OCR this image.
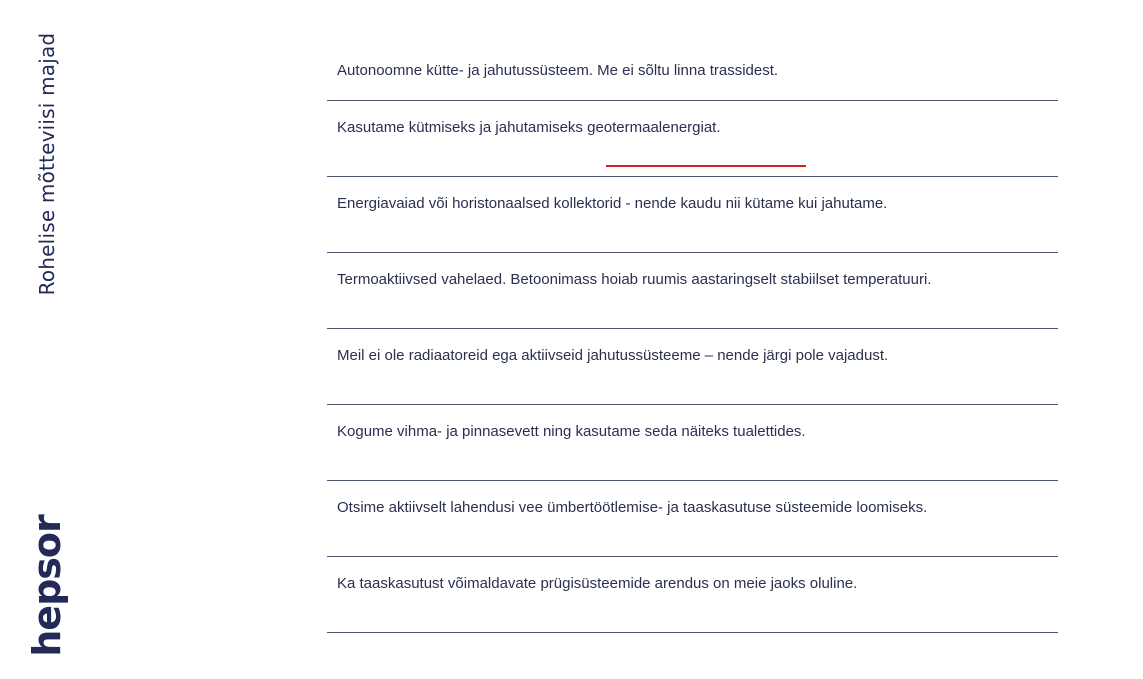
Rohelise mõtteviisi majad
hepsor
Autonoomne kütte- ja jahutussüsteem. Me ei sõltu linna trassidest.
Kasutame kütmiseks ja jahutamiseks geotermaalenergiat.
Energiavaiad või horistonaalsed kollektorid - nende kaudu nii kütame kui jahutame.
Termoaktiivsed vahelaed. Betoonimass hoiab ruumis aastaringselt stabiilset temperatuuri.
Meil ei ole radiaatoreid ega aktiivseid jahutussüsteeme – nende järgi pole vajadust.
Kogume vihma- ja pinnasevett ning kasutame seda näiteks tualettides.
Otsime aktiivselt lahendusi vee ümbertöötlemise- ja taaskasutuse süsteemide loomiseks.
Ka taaskasutust võimaldavate prügisüsteemide arendus on meie jaoks oluline.
